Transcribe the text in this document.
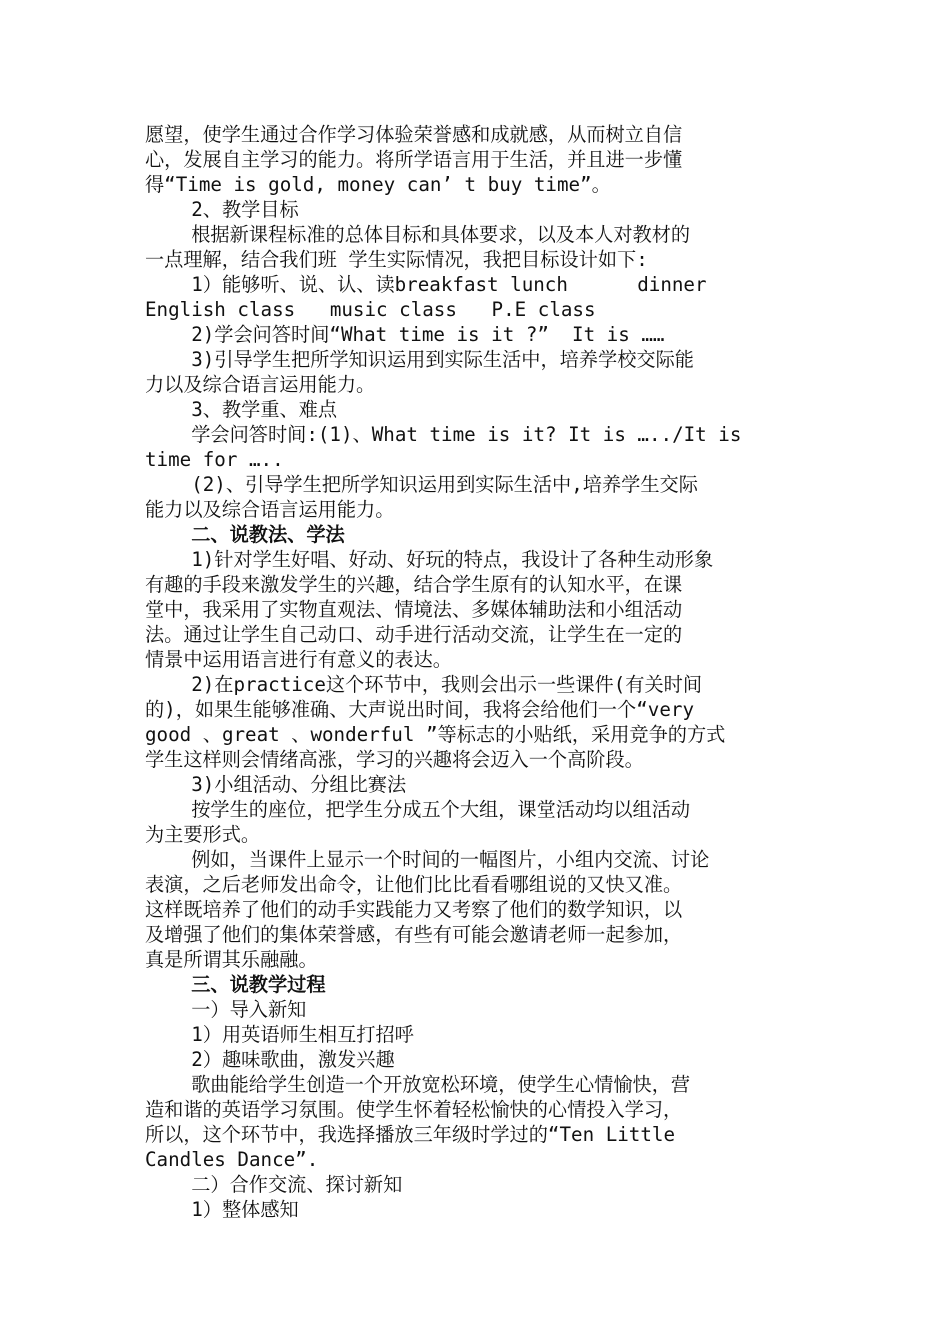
愿望，使学生通过合作学习体验荣誉感和成就感，从而树立自信
心，发展自主学习的能力。将所学语言用于生活，并且进一步懂
得“Time is gold, money can’ t buy time”。
2、教学目标
根据新课程标准的总体目标和具体要求，以及本人对教材的
一点理解，结合我们班 学生实际情况，我把目标设计如下:
1）能够听、说、认、读breakfast lunch      dinner
English class   music class   P.E class
2)学会问答时间“What time is it ?”  It is ……
3)引导学生把所学知识运用到实际生活中，培养学校交际能
力以及综合语言运用能力。
3、教学重、难点
学会问答时间:(1)、What time is it? It is …../It is
time for …..
(2)、引导学生把所学知识运用到实际生活中,培养学生交际
能力以及综合语言运用能力。
二、说教法、学法
1)针对学生好唱、好动、好玩的特点，我设计了各种生动形象
有趣的手段来激发学生的兴趣，结合学生原有的认知水平，在课
堂中，我采用了实物直观法、情境法、多媒体辅助法和小组活动
法。通过让学生自己动口、动手进行活动交流，让学生在一定的
情景中运用语言进行有意义的表达。
2)在practice这个环节中，我则会出示一些课件(有关时间
的)，如果生能够准确、大声说出时间，我将会给他们一个“very
good 、great 、wonderful ”等标志的小贴纸，采用竞争的方式
学生这样则会情绪高涨，学习的兴趣将会迈入一个高阶段。
3)小组活动、分组比赛法
按学生的座位，把学生分成五个大组，课堂活动均以组活动
为主要形式。
例如，当课件上显示一个时间的一幅图片，小组内交流、讨论
表演，之后老师发出命令，让他们比比看看哪组说的又快又准。
这样既培养了他们的动手实践能力又考察了他们的数学知识，以
及增强了他们的集体荣誉感，有些有可能会邀请老师一起参加，
真是所谓其乐融融。
三、说教学过程
一）导入新知
1）用英语师生相互打招呼
2）趣味歌曲，激发兴趣
歌曲能给学生创造一个开放宽松环境，使学生心情愉快，营
造和谐的英语学习氛围。使学生怀着轻松愉快的心情投入学习，
所以，这个环节中，我选择播放三年级时学过的“Ten Little
Candles Dance”.
二）合作交流、探讨新知
1）整体感知
